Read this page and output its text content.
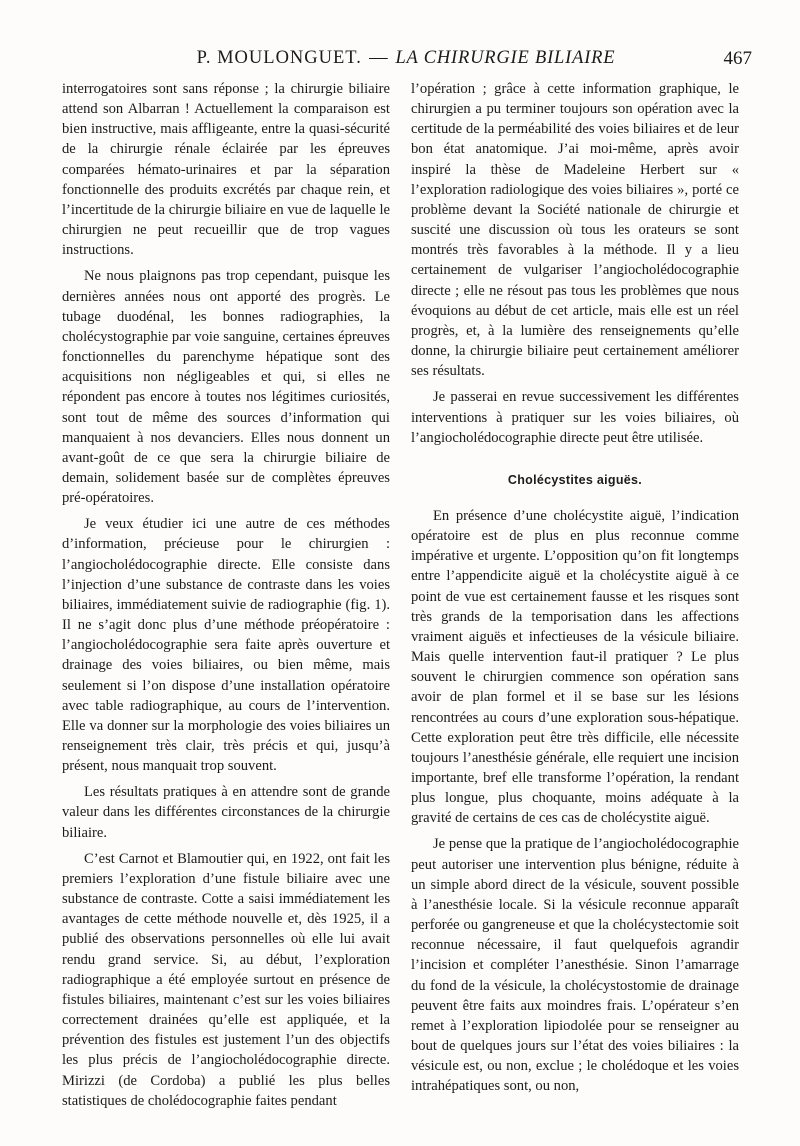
P. MOULONGUET. — LA CHIRURGIE BILIAIRE	467

interrogatoires sont sans réponse ; la chirurgie biliaire attend son Albarran ! Actuellement la comparaison est bien instructive, mais affligeante, entre la quasi-sécurité de la chirurgie rénale éclairée par les épreuves comparées hémato-urinaires et par la séparation fonctionnelle des produits excrétés par chaque rein, et l’incertitude de la chirurgie biliaire en vue de laquelle le chirurgien ne peut recueillir que de trop vagues instructions.

Ne nous plaignons pas trop cependant, puisque les dernières années nous ont apporté des progrès. Le tubage duodénal, les bonnes radiographies, la cholécystographie par voie sanguine, certaines épreuves fonctionnelles du parenchyme hépatique sont des acquisitions non négligeables et qui, si elles ne répondent pas encore à toutes nos légitimes curiosités, sont tout de même des sources d’information qui manquaient à nos devanciers. Elles nous donnent un avant-goût de ce que sera la chirurgie biliaire de demain, solidement basée sur de complètes épreuves pré-opératoires.

Je veux étudier ici une autre de ces méthodes d’information, précieuse pour le chirurgien : l’angiocholédocographie directe. Elle consiste dans l’injection d’une substance de contraste dans les voies biliaires, immédiatement suivie de radiographie (fig. 1). Il ne s’agit donc plus d’une méthode préopératoire : l’angiocholédocographie sera faite après ouverture et drainage des voies biliaires, ou bien même, mais seulement si l’on dispose d’une installation opératoire avec table radiographique, au cours de l’intervention. Elle va donner sur la morphologie des voies biliaires un renseignement très clair, très précis et qui, jusqu’à présent, nous manquait trop souvent.

Les résultats pratiques à en attendre sont de grande valeur dans les différentes circonstances de la chirurgie biliaire.

C’est Carnot et Blamoutier qui, en 1922, ont fait les premiers l’exploration d’une fistule biliaire avec une substance de contraste. Cotte a saisi immédiatement les avantages de cette méthode nouvelle et, dès 1925, il a publié des observations personnelles où elle lui avait rendu grand service. Si, au début, l’exploration radiographique a été employée surtout en présence de fistules biliaires, maintenant c’est sur les voies biliaires correctement drainées qu’elle est appliquée, et la prévention des fistules est justement l’un des objectifs les plus précis de l’angiocholédocographie directe. Mirizzi (de Cordoba) a publié les plus belles statistiques de cholédocographie faites pendant

l’opération ; grâce à cette information graphique, le chirurgien a pu terminer toujours son opération avec la certitude de la perméabilité des voies biliaires et de leur bon état anatomique. J’ai moi-même, après avoir inspiré la thèse de Madeleine Herbert sur « l’exploration radiologique des voies biliaires », porté ce problème devant la Société nationale de chirurgie et suscité une discussion où tous les orateurs se sont montrés très favorables à la méthode. Il y a lieu certainement de vulgariser l’angiocholédocographie directe ; elle ne résout pas tous les problèmes que nous évoquions au début de cet article, mais elle est un réel progrès, et, à la lumière des renseignements qu’elle donne, la chirurgie biliaire peut certainement améliorer ses résultats.

Je passerai en revue successivement les différentes interventions à pratiquer sur les voies biliaires, où l’angiocholédocographie directe peut être utilisée.

Cholécystites aiguës.

En présence d’une cholécystite aiguë, l’indication opératoire est de plus en plus reconnue comme impérative et urgente. L’opposition qu’on fit longtemps entre l’appendicite aiguë et la cholécystite aiguë à ce point de vue est certainement fausse et les risques sont très grands de la temporisation dans les affections vraiment aiguës et infectieuses de la vésicule biliaire. Mais quelle intervention faut-il pratiquer ? Le plus souvent le chirurgien commence son opération sans avoir de plan formel et il se base sur les lésions rencontrées au cours d’une exploration sous-hépatique. Cette exploration peut être très difficile, elle nécessite toujours l’anesthésie générale, elle requiert une incision importante, bref elle transforme l’opération, la rendant plus longue, plus choquante, moins adéquate à la gravité de certains de ces cas de cholécystite aiguë.

Je pense que la pratique de l’angiocholédocographie peut autoriser une intervention plus bénigne, réduite à un simple abord direct de la vésicule, souvent possible à l’anesthésie locale. Si la vésicule reconnue apparaît perforée ou gangreneuse et que la cholécystectomie soit reconnue nécessaire, il faut quelquefois agrandir l’incision et compléter l’anesthésie. Sinon l’amarrage du fond de la vésicule, la cholécystostomie de drainage peuvent être faits aux moindres frais. L’opérateur s’en remet à l’exploration lipiodolée pour se renseigner au bout de quelques jours sur l’état des voies biliaires : la vésicule est, ou non, exclue ; le cholédoque et les voies intrahépatiques sont, ou non,
